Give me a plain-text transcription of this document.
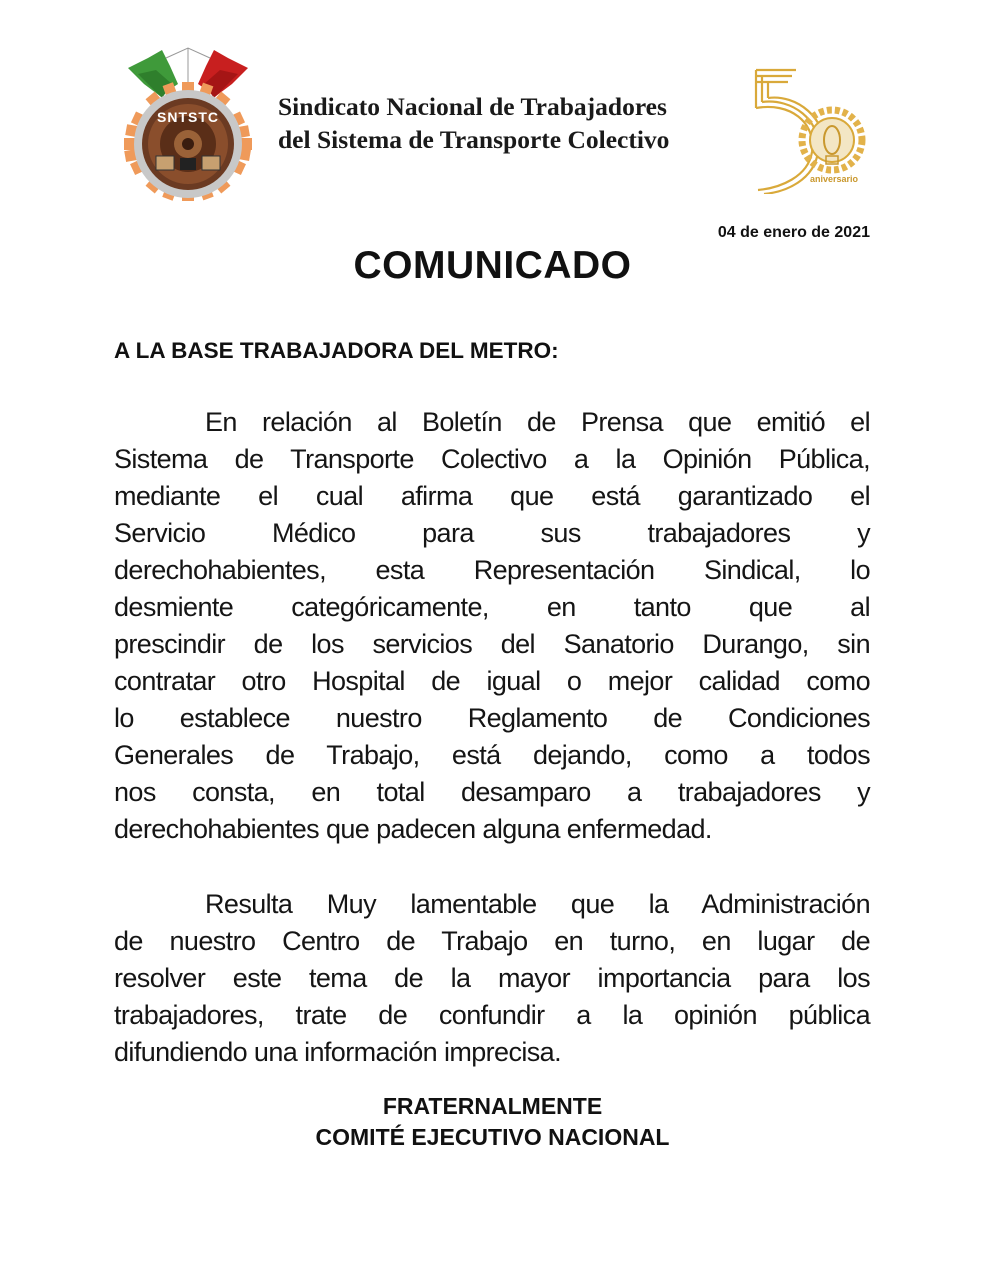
SNTSTC Sindicato Nacional de Trabajadores
del Sistema de Transporte Colectivo
aniversario
04 de enero de 2021
COMUNICADO
A LA BASE TRABAJADORA DEL METRO:
En relación al Boletín de Prensa que emitió el
Sistema de Transporte Colectivo a la Opinión Pública,
mediante el cual afirma que está garantizado el
Servicio Médico para sus trabajadores y
derechohabientes, esta Representación Sindical, lo
desmiente categóricamente, en tanto que al
prescindir de los servicios del Sanatorio Durango, sin
contratar otro Hospital de igual o mejor calidad como
lo establece nuestro Reglamento de Condiciones
Generales de Trabajo, está dejando, como a todos
nos consta, en total desamparo a trabajadores y
derechohabientes que padecen alguna enfermedad.
Resulta Muy lamentable que la Administración
de nuestro Centro de Trabajo en turno, en lugar de
resolver este tema de la mayor importancia para los
trabajadores, trate de confundir a la opinión pública
difundiendo una información imprecisa.
FRATERNALMENTE
COMITÉ EJECUTIVO NACIONAL
